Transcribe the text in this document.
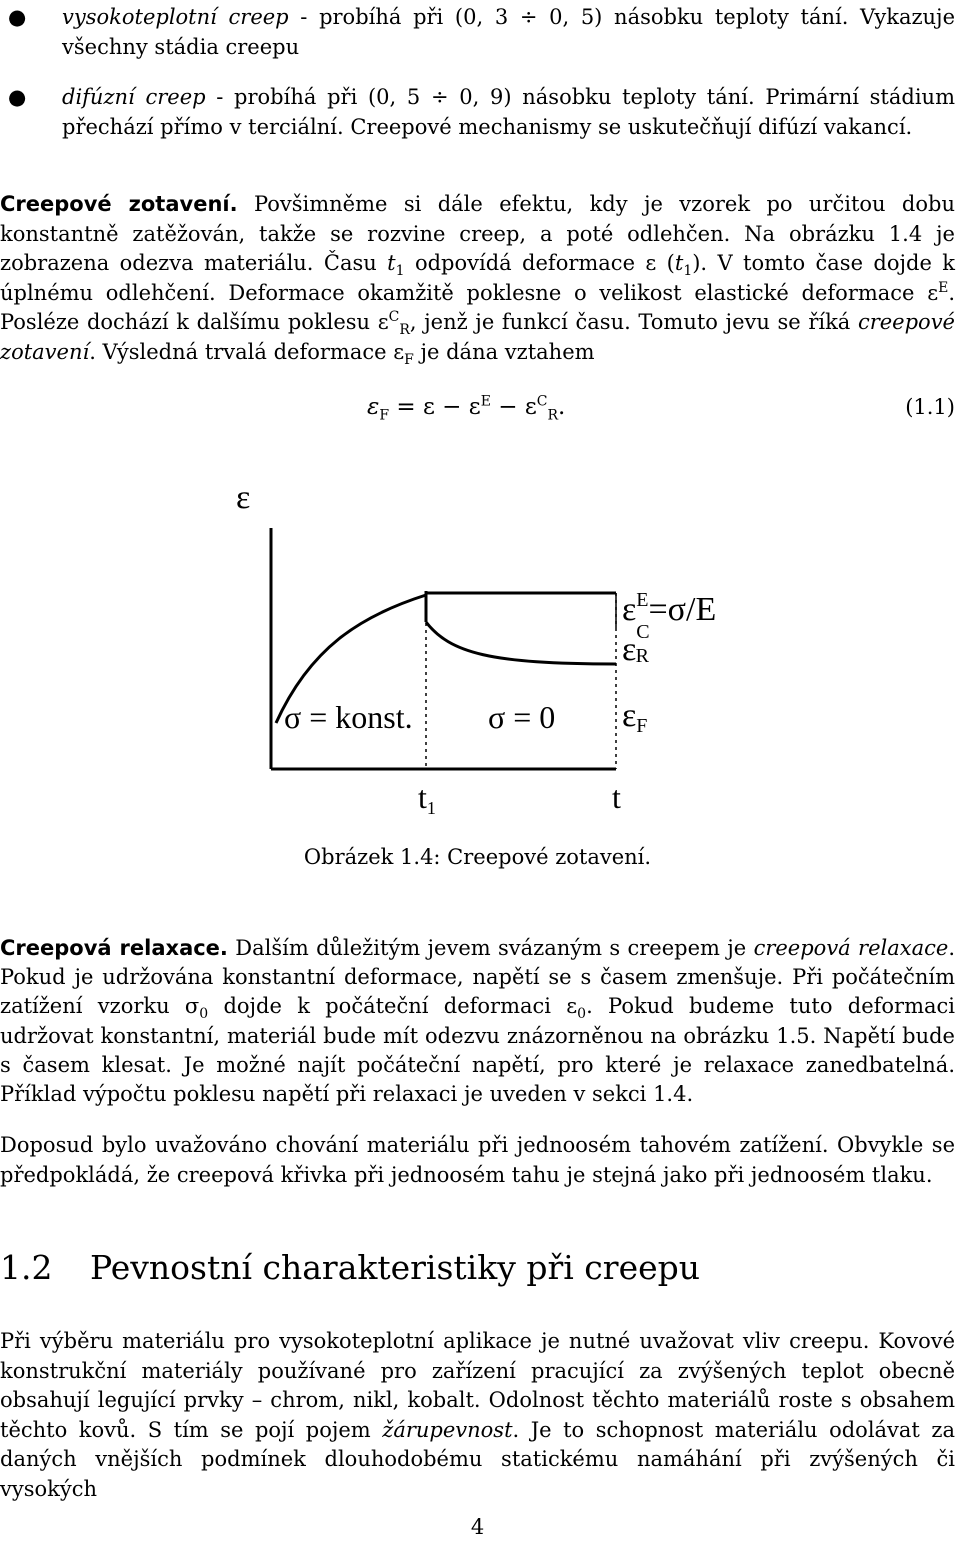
● vysokoteplotní creep - probíhá při (0, 3 ÷ 0, 5) násobku teploty tání. Vykazuje všechny stádia creepu
● difúzní creep - probíhá při (0, 5 ÷ 0, 9) násobku teploty tání. Primární stádium přechází přímo v terciální. Creepové mechanismy se uskutečňují difúzí vakancí.

Creepové zotavení. Povšimněme si dále efektu, kdy je vzorek po určitou dobu konstantně zatěžován, takže se rozvine creep, a poté odlehčen. Na obrázku 1.4 je zobrazena odezva materiálu. Času $t_1$ odpovídá deformace ε $(t_1)$. V tomto čase dojde k úplnému odlehčení. Deformace okamžitě poklesne o velikost elastické deformace $\varepsilon^E$. Posléze dochází k dalšímu poklesu $\varepsilon^C_R$, jenž je funkcí času. Tomuto jevu se říká creepové zotavení. Výsledná trvalá deformace $\varepsilon_F$ je dána vztahem

$\varepsilon_F = \varepsilon - \varepsilon^E - \varepsilon^C_R$.	(1.1)
ε
$\varepsilon^E=\sigma/E$
$\varepsilon^C$ R
εF
σ = konst. σ = 0
t1	t
Obrázek 1.4: Creepové zotavení.

Creepová relaxace. Dalším důležitým jevem svázaným s creepem je creepová relaxace. Pokud je udržována konstantní deformace, napětí se s časem zmenšuje. Při počátečním zatížení vzorku $\sigma_0$ dojde k počáteční deformaci $\varepsilon_0$. Pokud budeme tuto deformaci udržovat konstantní, materiál bude mít odezvu znázorněnou na obrázku 1.5. Napětí bude s časem klesat. Je možné najít počáteční napětí, pro které je relaxace zanedbatelná. Příklad výpočtu poklesu napětí při relaxaci je uveden v sekci 1.4.

Doposud bylo uvažováno chování materiálu při jednoosém tahovém zatížení. Obvykle se předpokládá, že creepová křivka při jednoosém tahu je stejná jako při jednoosém tlaku.

1.2 Pevnostní charakteristiky při creepu

Při výběru materiálu pro vysokoteplotní aplikace je nutné uvažovat vliv creepu. Kovové konstrukční materiály používané pro zařízení pracující za zvýšených teplot obecně obsahují legující prvky – chrom, nikl, kobalt. Odolnost těchto materiálů roste s obsahem těchto kovů. S tím se pojí pojem žárupevnost. Je to schopnost materiálu odolávat za daných vnějších podmínek dlouhodobému statickému namáhání při zvýšených či vysokých

4
